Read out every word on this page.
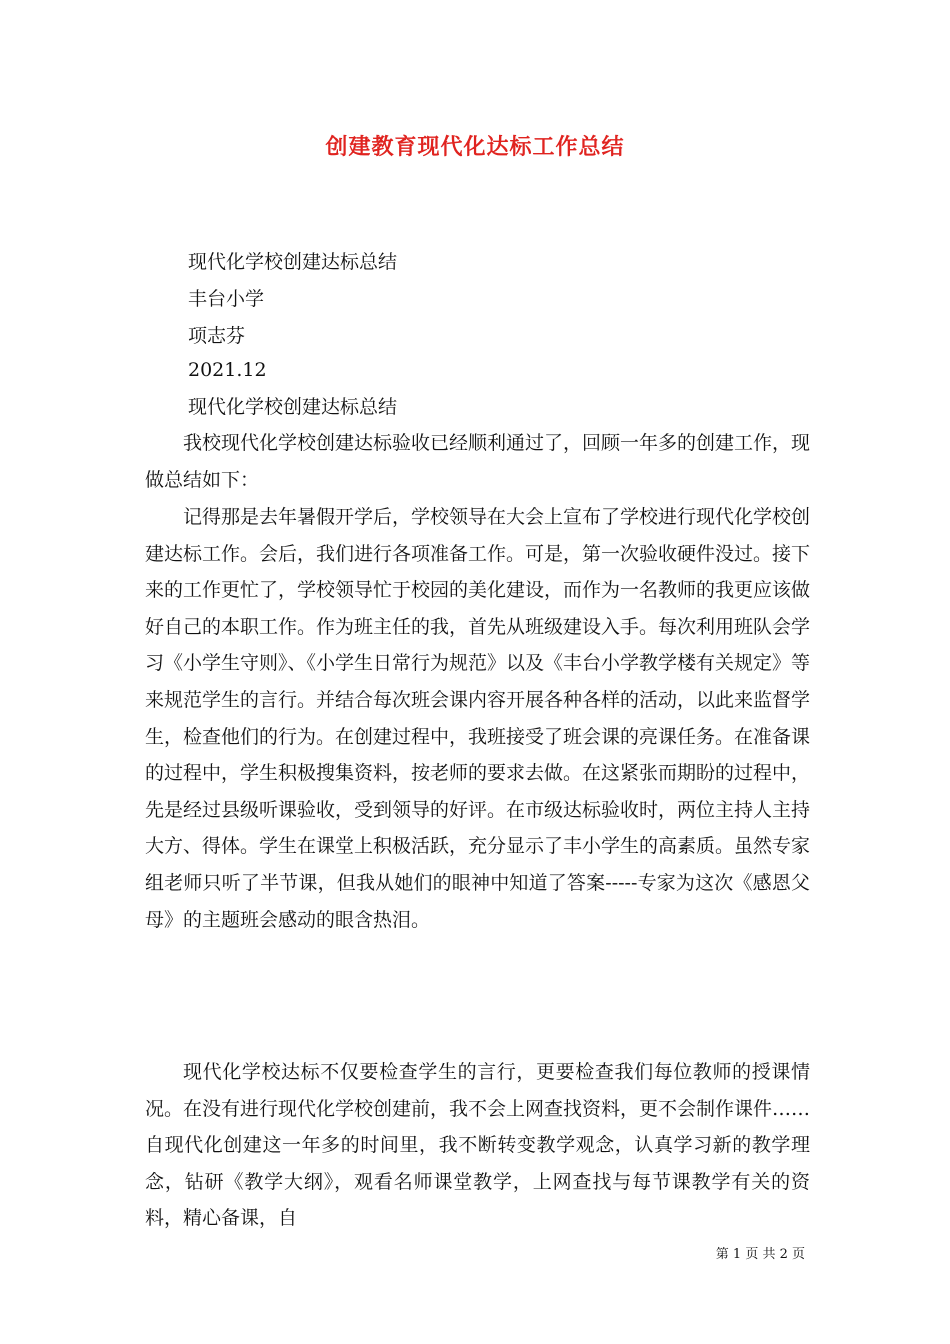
创建教育现代化达标工作总结
现代化学校创建达标总结
丰台小学
项志芬
2021.12
现代化学校创建达标总结

我校现代化学校创建达标验收已经顺利通过了，回顾一年多的创建工作，现做总结如下：

记得那是去年暑假开学后，学校领导在大会上宣布了学校进行现代化学校创建达标工作。会后，我们进行各项准备工作。可是，第一次验收硬件没过。接下来的工作更忙了，学校领导忙于校园的美化建设，而作为一名教师的我更应该做好自己的本职工作。作为班主任的我，首先从班级建设入手。每次利用班队会学习《小学生守则》、《小学生日常行为规范》以及《丰台小学教学楼有关规定》等来规范学生的言行。并结合每次班会课内容开展各种各样的活动，以此来监督学生，检查他们的行为。在创建过程中，我班接受了班会课的亮课任务。在准备课的过程中，学生积极搜集资料，按老师的要求去做。在这紧张而期盼的过程中，先是经过县级听课验收，受到领导的好评。在市级达标验收时，两位主持人主持大方、得体。学生在课堂上积极活跃，充分显示了丰小学生的高素质。虽然专家组老师只听了半节课，但我从她们的眼神中知道了答案-----专家为这次《感恩父母》的主题班会感动的眼含热泪。

现代化学校达标不仅要检查学生的言行，更要检查我们每位教师的授课情况。在没有进行现代化学校创建前，我不会上网查找资料，更不会制作课件……自现代化创建这一年多的时间里，我不断转变教学观念，认真学习新的教学理念，钻研《教学大纲》，观看名师课堂教学，上网查找与每节课教学有关的资料，精心备课，自

第 1 页 共 2 页
